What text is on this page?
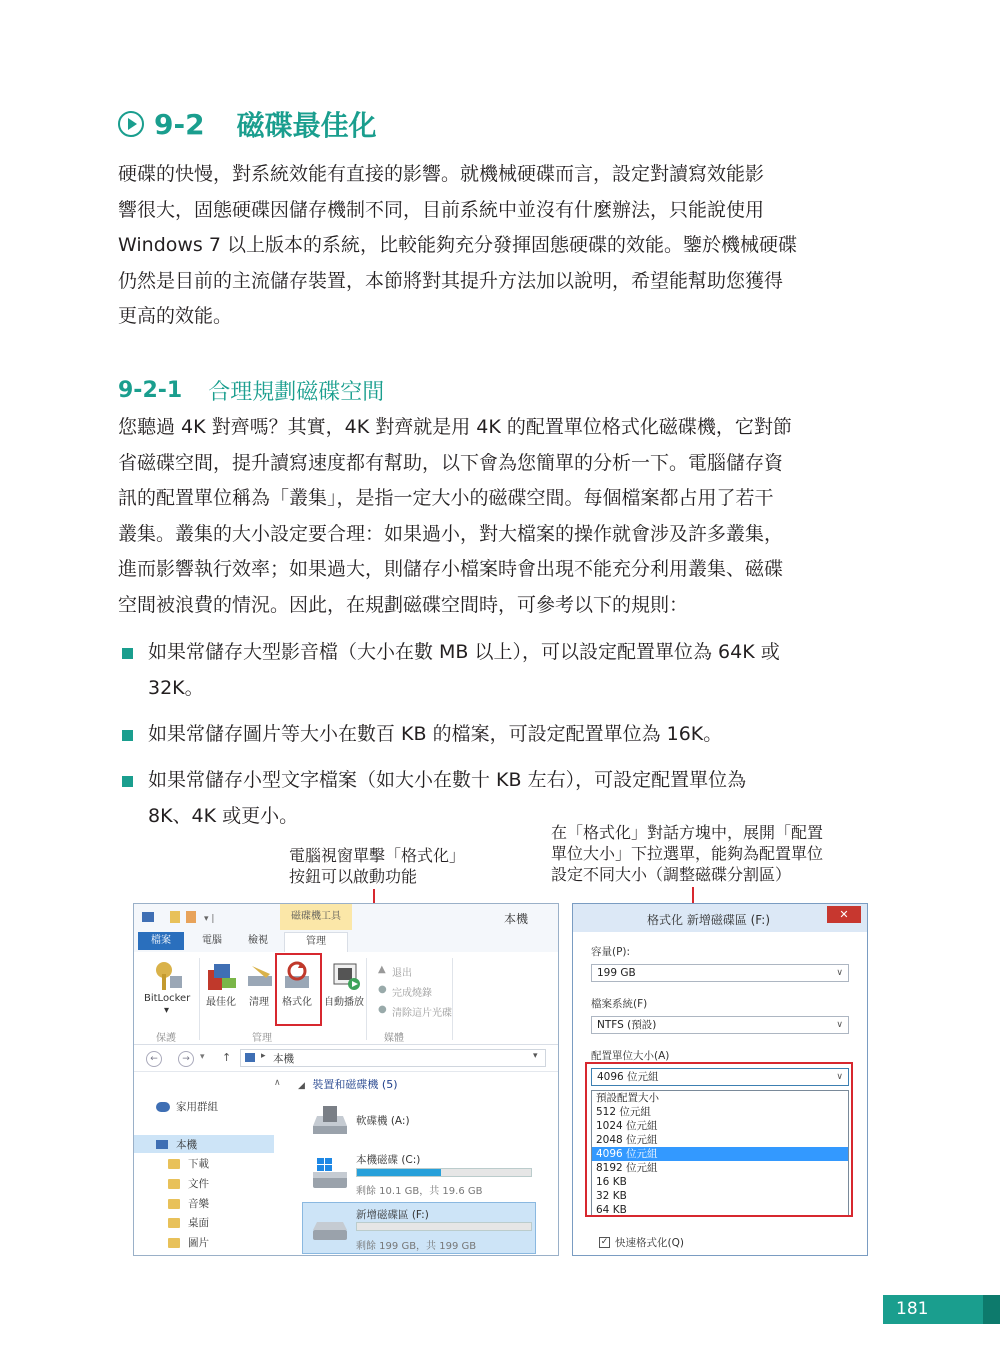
9-2 磁碟最佳化
硬碟的快慢，對系統效能有直接的影響。就機械硬碟而言，設定對讀寫效能影
響很大，固態硬碟因儲存機制不同，目前系統中並沒有什麼辦法，只能說使用
Windows 7 以上版本的系統，比較能夠充分發揮固態硬碟的效能。鑒於機械硬碟
仍然是目前的主流儲存裝置，本節將對其提升方法加以說明，希望能幫助您獲得
更高的效能。
9-2-1 合理規劃磁碟空間
您聽過 4K 對齊嗎？其實，4K 對齊就是用 4K 的配置單位格式化磁碟機，它對節
省磁碟空間，提升讀寫速度都有幫助，以下會為您簡單的分析一下。電腦儲存資
訊的配置單位稱為「叢集」，是指一定大小的磁碟空間。每個檔案都占用了若干
叢集。叢集的大小設定要合理：如果過小，對大檔案的操作就會涉及許多叢集，
進而影響執行效率；如果過大，則儲存小檔案時會出現不能充分利用叢集、磁碟
空間被浪費的情況。因此，在規劃磁碟空間時，可參考以下的規則：
如果常儲存大型影音檔（大小在數 MB 以上），可以設定配置單位為 64K 或
32K。
如果常儲存圖片等大小在數百 KB 的檔案，可設定配置單位為 16K。
如果常儲存小型文字檔案（如大小在數十 KB 左右），可設定配置單位為
8K、4K 或更小。
電腦視窗單擊「格式化」
按鈕可以啟動功能
在「格式化」對話方塊中，展開「配置
單位大小」下拉選單，能夠為配置單位
設定不同大小（調整磁碟分割區）
▾ |	磁碟機工具	本機
檔案	電腦	檢視	管理
BitLocker
▾
最佳化 清理 格式化 自動播放
▲ 退出
● 完成燒錄
● 清除這片光碟
保護	管理	媒體
←	→	▾ ↑	▸ 本機	▾
家用群組
本機
下載
文件
音樂
桌面
圖片
∧ ◢ 裝置和磁碟機 (5)
軟碟機 (A:)
本機磁碟 (C:)
剩餘 10.1 GB，共 19.6 GB
新增磁碟區 (F:)
剩餘 199 GB，共 199 GB
格式化 新增磁碟區 (F:)	✕
容量(P):
199 GB	∨
檔案系統(F)
NTFS (預設)	∨
配置單位大小(A)
4096 位元組	∨
預設配置大小
512 位元組
1024 位元組
2048 位元組
4096 位元組
8192 位元組
16 KB
32 KB
64 KB
✓ 快速格式化(Q)
181
